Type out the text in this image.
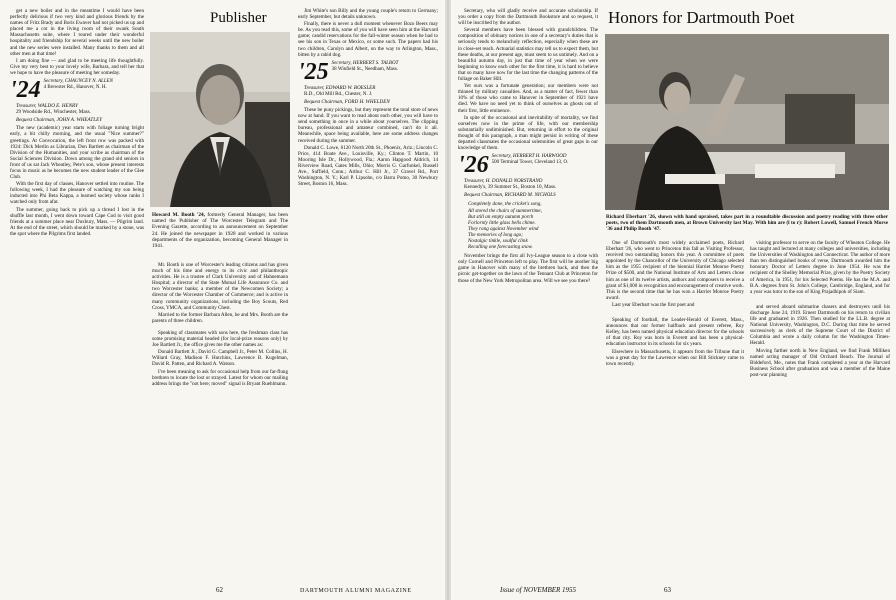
get a new boiler and in the meantime I would have been perfectly delirious if two very kind and glorious friends by the names of Fritz Brady and Boris Ewaver had not picked us up and placed me a cot in the living room of their swank South Massachusetts suite, where I toured under their wonderful hospitality and friendship for several weeks until the new boiler and the new series were installed. Many thanks to them and all other men at that time!

I am doing fine — and glad to be meeting life thoughtfully. Give my very best to your lovely wife, Barbara, and tell her that we hope to have the pleasure of meeting her someday.

'24 Secretary, CHAUNCEY N. ALLEN
4 Brewster Rd., Hanover, N. H.
Treasurer, WALDO E. HENRY
29 Woodside Rd., Winchester, Mass.
Bequest Chairman, JOHN A. WHEATLEY

The new (academic) year starts with foliage turning bright early, a bit chilly morning, and the usual "Nice summer?" greetings. At Convocation, the left front row was packed with 1924: Dick Merlin as Librarian, Don Bartlett as chairman of the Division of the Humanities, and your scribe as chairman of the Social Sciences Division. Down among the grand old seniors in front of us sat Jack Wheatley, Pete's son, whose present interests focus in music as he becomes the new student leader of the Glee Club.

With the first day of classes, Hanover settled into routine. The following week, I had the pleasure of watching my son being inducted into Phi Beta Kappa, a learned society whose ranks I watched only from afar.

The summer, going back to pick up a thread I lost in the shuffle last month, I went down toward Cape Cod to visit good friends at a summer place near Duxbury, Mass. — Pilgrim land. At the end of the street, which should be marked by a stone, was the spot where the Pilgrims first landed.

Publisher
Howard M. Booth '24, formerly General Manager, has been named the Publisher of The Worcester Telegram and The Evening Gazette, according to an announcement on September 24. He joined the newspaper in 1928 and worked in various departments of the organization, becoming General Manager in 1941.

Mr. Booth is one of Worcester's leading citizens and has given much of his time and energy to its civic and philanthropic activities. He is a trustee of Clark University and of Hahnemann Hospital; a director of the State Mutual Life Assurance Co. and two Worcester banks; a member of the Newcomen Society; a director of the Worcester Chamber of Commerce; and is active in many community organizations, including the Boy Scouts, Red Cross, YMCA, and Community Chest.

Married to the former Barbara Allen, he and Mrs. Booth are the parents of three children.

Speaking of classmates with sons here, the freshman class has some promising material headed (for local-prize reasons only) by Joe Bartlett Jr., the office gives me the other names as:

Donald Bartlett Jr., David G. Campbell Jr., Peter M. Collins, H. Willard Gray, Madison F. Hutchins, Lawrence B. Kugelman, David R. Patten, and Richard A. Watson.

I've been meaning to ask for occasional help from our far-flung brethren to locate the lost or strayed. Latest for whom our mailing address brings the "not here; moved" signal is Bryant Ruehlmann.

Jim White's son Billy and the young couple's return to Germany; early September, but details unknown.

Finally, there is never a dull moment whenever Bozo Beers may be. As you read this, some of you will have seen him at the Harvard game; candid reservations for the fall-winter season when he had to see his son in Texas or Mexico, or some such. The papers had his two children, Carolyn and Albert, on the way to Arlington, Mass., bitten by a rabid dog.

'25 Secretary, HERBERT S. TALBOT
38 Winfield St., Needham, Mass.
Treasurer, EDWARD W. BOESLER
R.D., Old Mill Rd., Chester, N. J.
Bequest Chairman, FORD H. WHELDEN

These be puny pickings, but they represent the total store of news now at hand. If you want to read about each other, you will have to send something in once in a while about yourselves. The clipping bureau, professional and amateur combined, can't do it all. Meanwhile, space being available, here are some address changes received during the summer.

Donald C. Lowe, 6120 North 20th St., Phoenix, Ariz.; Lincoln C. Price, 414 Boate Ave., Louisville, Ky.; Clinton T. Martin, 10 Mooring Isle Dr., Hollywood, Fla.; Aaron Hapgood Aldrich, 14 Riverview Road, Gates Mills, Ohio; Morris G. Garfunkel, Russell Ave., Suffield, Conn.; Arthur C. Hill Jr., 37 Gravel Rd., Port Washington, N. Y.; Karl P. Lipsohn, c/o Barra Pomo, 30 Newbury Street, Boston 16, Mass.

62	DARTMOUTH ALUMNI MAGAZINE
Honors for Dartmouth Poet

Secretary, who will gladly receive and accurate scholarship. If you order a copy from the Dartmouth Bookstore and so request, it will be inscribed by the author.

Several members have been blessed with grandchildren. The composition of obituary notices in one of a secretary's duties that is seriously tends to melancholy reflection, especially when these are in close-set reach. Actuarial statistics may tell us to expect them, but these deaths, at our present age, must seem to us untimely. And on a beautiful autumn day, in just that time of year when we were beginning to know each other for the first time, it is hard to believe that so many have now for the last time the changing patterns of the foliage on Baker Hill.

Yet ours was a fortunate generation; our members were not thinned by military casualties. And, as a matter of fact, fewer than 10% of those who came to Hanover in September of 1921 have died. We have no need yet to think of ourselves as ghosts out of their first, little eminence.

In spite of the occasional and inevitability of mortality, we find ourselves now in the prime of life, with our membership substantially undiminished. But, returning in effort to the original thought of this paragraph, a man might persist in writing of these departed classmates the occasional solemnities of great gaps in our knowledge of them.

'26 Secretary, HERBERT H. HARWOOD
500 Terminal Tower, Cleveland 13, O.
Treasurer, H. DONALD NORSTRAND
Kennedy's, 39 Summer St., Boston 10, Mass.
Bequest Chairman, RICHARD M. NICHOLS
Completely done, the cricket's song,
All stored the chairs of summertime,
But still an empty autumn porch
Forlornly little glass bells chime.
They rang against November wind
The memories of long ago;
Nostalgic tinkle, soulful clink
Recalling one forecasting snow.

November brings the first all Ivy-League season to a close with only Cornell and Princeton left to play. The first will be another big game in Hanover with many of the brethren back, and then the picnic get-together on the lawn of the Tennant Club at Princeton for those of the New York Metropolitan area. Will we see you there?

Richard Eberhart '26, shown with hand upraised, takes part in a roundtable discussion and poetry reading with three other poets, two of them Dartmouth men, at Brown University last May. With him are (l to r): Robert Lowell, Samuel French Morse '36 and Philip Booth '47.

One of Dartmouth's most widely acclaimed poets, Richard Eberhart '26, who went to Princeton this fall as Visiting Professor, received two outstanding honors this year. A committee of poets appointed by the Chancellor of the University of Chicago selected him as the 1955 recipient of the biennial Harriet Monroe Poetry Prize of $500, and the National Institute of Arts and Letters chose him as one of its twelve artists, authors and composers to receive a grant of $1,000 in recognition and encouragement of creative work. This is the second time that he has won a Harriet Monroe Poetry award.

Last year Eberhart was the first poet and

Speaking of football, the Leader-Herald of Everett, Mass., announces that our former halfback and present referee, Roy Kelley, has been named physical education director for the schools of that city. Roy was born in Everett and has been a physical-education instructor in its schools for six years.

Elsewhere in Massachusetts, it appears from the Tribune that it was a great day for the Lawrence when our Bill Stickney came to town recently.

visiting professor to serve on the faculty of Wheaton College. He has taught and lectured at many colleges and universities, including the Universities of Washington and Connecticut. The author of more than ten distinguished books of verse, Dartmouth awarded him the honorary Doctor of Letters degree in June 1954. He was the recipient of the Shelley Memorial Prize, given by the Poetry Society of America, in 1951, for his Selected Poems. He has the M.A. and B.A. degrees from St. John's College, Cambridge, England, and for a year was tutor to the son of King Prajadhipok of Siam.

and served aboard submarine chasers and destroyers until his discharge June 24, 1919. Ernest Dartmouth on his return to civilian life and graduated in 1926. Then studied for the LL.B. degree at National University, Washington, D.C. During that time he served successively as clerk of the Supreme Court of the District of Columbia and wrote a daily column for the Washington Times-Herald.

Moving farther north in New England, we find Frank Milliken named acting manager of Old Orchard Beach. The Journal of Biddeford, Me., notes that Frank completed a year at the Harvard Business School after graduation and was a member of the Maine post-war planning

Issue of NOVEMBER 1955	63
